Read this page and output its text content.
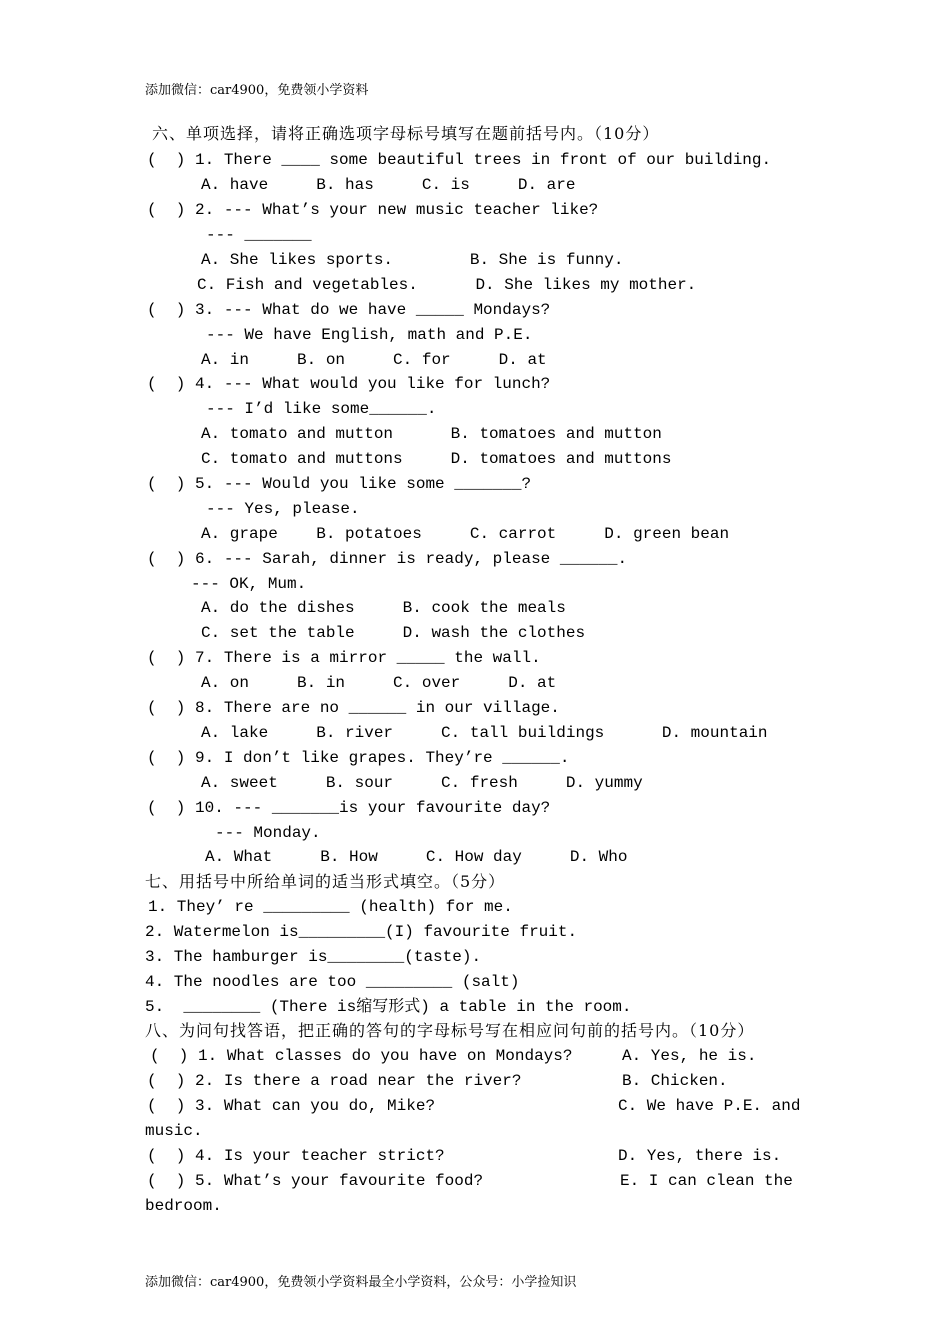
添加微信：car4900，免费领小学资料
六、单项选择，请将正确选项字母标号填写在题前括号内。（10分）
(  ) 1. There ____ some beautiful trees in front of our building.
A. have     B. has     C. is     D. are
(  ) 2. --- What’s your new music teacher like?
--- _______
A. She likes sports.        B. She is funny.
C. Fish and vegetables.      D. She likes my mother.
(  ) 3. --- What do we have _____ Mondays?
--- We have English, math and P.E.
A. in     B. on     C. for     D. at
(  ) 4. --- What would you like for lunch?
--- I’d like some______.
A. tomato and mutton      B. tomatoes and mutton
C. tomato and muttons     D. tomatoes and muttons
(  ) 5. --- Would you like some _______?
--- Yes, please.
A. grape    B. potatoes     C. carrot     D. green bean
(  ) 6. --- Sarah, dinner is ready, please ______.
--- OK, Mum.
A. do the dishes     B. cook the meals
C. set the table     D. wash the clothes
(  ) 7. There is a mirror _____ the wall.
A. on     B. in     C. over     D. at
(  ) 8. There are no ______ in our village.
A. lake     B. river     C. tall buildings      D. mountain
(  ) 9. I don’t like grapes. They’re ______.
A. sweet     B. sour     C. fresh     D. yummy
(  ) 10. --- _______is your favourite day?
--- Monday.
A. What     B. How     C. How day     D. Who
七、用括号中所给单词的适当形式填空。（5分）
1. They’ re _________ (health) for me.
2. Watermelon is_________(I) favourite fruit.
3. The hamburger is________(taste).
4. The noodles are too _________ (salt)
5.  ________ (There is缩写形式) a table in the room.
八、为问句找答语，把正确的答句的字母标号写在相应问句前的括号内。（10分）
(  ) 1. What classes do you have on Mondays?	A. Yes, he is.
(  ) 2. Is there a road near the river?	B. Chicken.
(  ) 3. What can you do, Mike?	C. We have P.E. and
music.
(  ) 4. Is your teacher strict?	D. Yes, there is.
(  ) 5. What’s your favourite food?	E. I can clean the
bedroom.
添加微信：car4900，免费领小学资料最全小学资料，公众号：小学捡知识
